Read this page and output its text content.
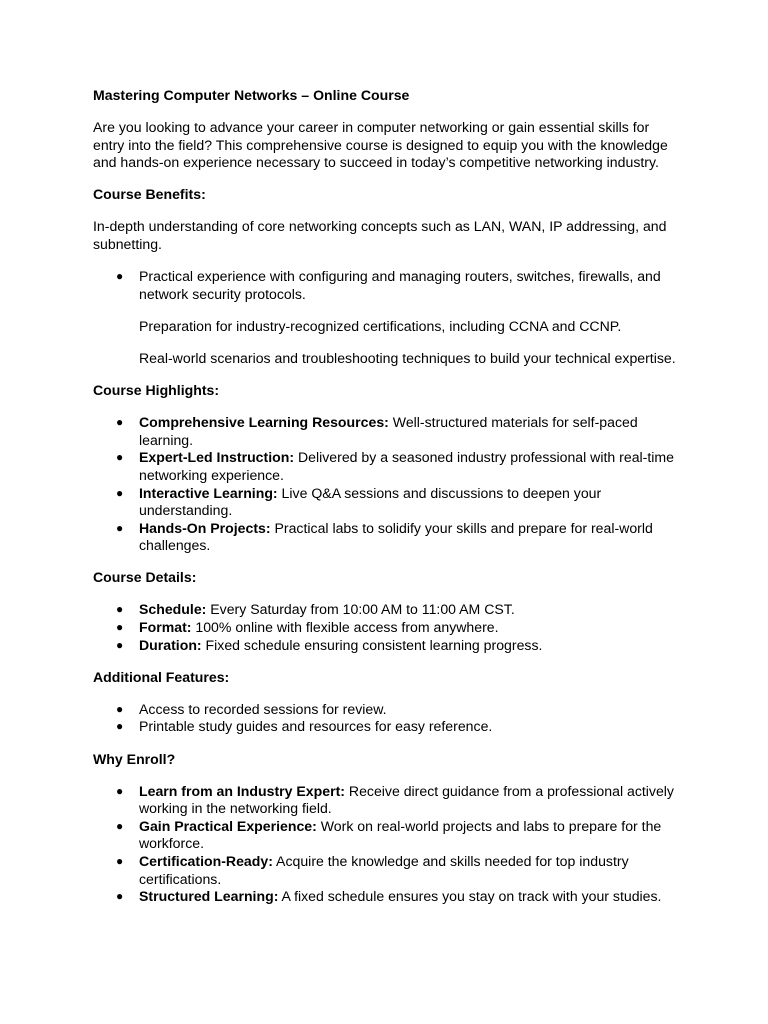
Mastering Computer Networks – Online Course

Are you looking to advance your career in computer networking or gain essential skills for entry into the field? This comprehensive course is designed to equip you with the knowledge and hands-on experience necessary to succeed in today’s competitive networking industry.

Course Benefits:

In-depth understanding of core networking concepts such as LAN, WAN, IP addressing, and subnetting.

● Practical experience with configuring and managing routers, switches, firewalls, and network security protocols.

Preparation for industry-recognized certifications, including CCNA and CCNP.

Real-world scenarios and troubleshooting techniques to build your technical expertise.

Course Highlights:

● Comprehensive Learning Resources: Well-structured materials for self-paced learning.
● Expert-Led Instruction: Delivered by a seasoned industry professional with real-time networking experience.
● Interactive Learning: Live Q&A sessions and discussions to deepen your understanding.
● Hands-On Projects: Practical labs to solidify your skills and prepare for real-world challenges.

Course Details:

● Schedule: Every Saturday from 10:00 AM to 11:00 AM CST.
● Format: 100% online with flexible access from anywhere.
● Duration: Fixed schedule ensuring consistent learning progress.

Additional Features:

● Access to recorded sessions for review.
● Printable study guides and resources for easy reference.

Why Enroll?

● Learn from an Industry Expert: Receive direct guidance from a professional actively working in the networking field.
● Gain Practical Experience: Work on real-world projects and labs to prepare for the workforce.
● Certification-Ready: Acquire the knowledge and skills needed for top industry certifications.
● Structured Learning: A fixed schedule ensures you stay on track with your studies.
